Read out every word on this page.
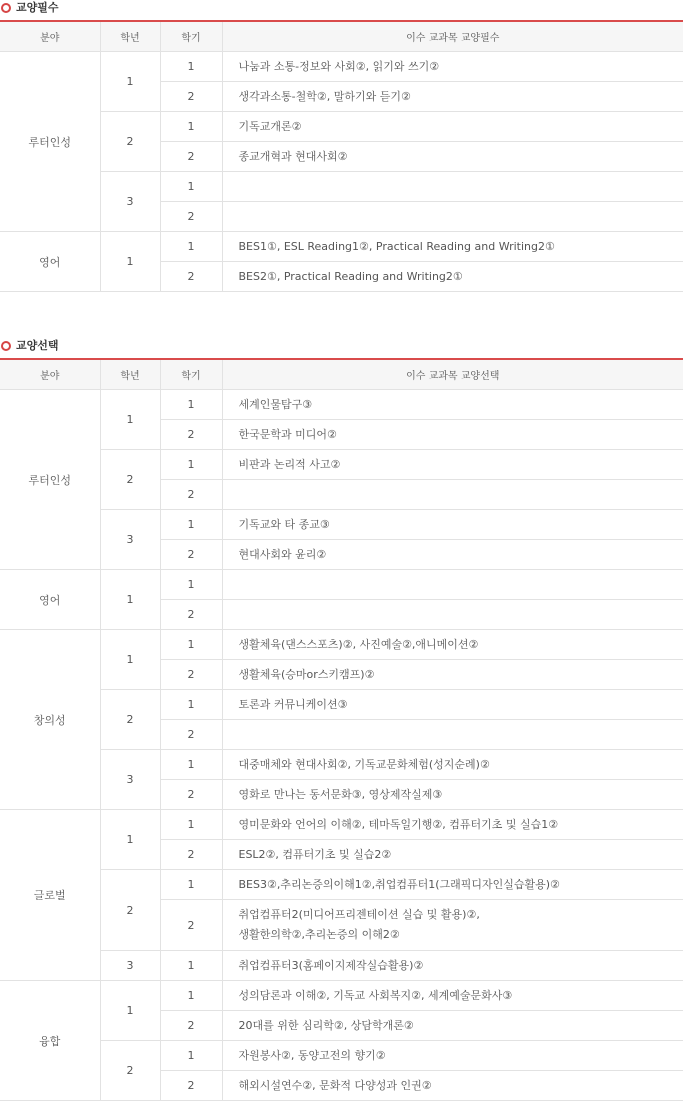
교양필수
분야	학년	학기	이수 교과목 교양필수
루터인성	1	1	나눔과 소통-정보와 사회②, 읽기와 쓰기②
		2	생각과소통-철학②, 말하기와 듣기②
	2	1	기독교개론②
		2	종교개혁과 현대사회②
	3	1	
		2	
영어	1	1	BES1①, ESL Reading1②, Practical Reading and Writing2①
		2	BES2①, Practical Reading and Writing2①
교양선택
분야	학년	학기	이수 교과목 교양선택
루터인성	1	1	세계인물탐구③
		2	한국문학과 미디어②
	2	1	비판과 논리적 사고②
		2	
	3	1	기독교와 타 종교③
		2	현대사회와 윤리②
영어	1	1	
		2	
창의성	1	1	생활체육(댄스스포츠)②, 사진예술②,애니메이션②
		2	생활체육(승마or스키캠프)②
	2	1	토론과 커뮤니케이션③
		2	
	3	1	대중매체와 현대사회②, 기독교문화체험(성지순례)②
		2	영화로 만나는 동서문화③, 영상제작실제③
글로벌	1	1	영미문화와 언어의 이해②, 테마독일기행②, 컴퓨터기초 및 실습1②
		2	ESL2②, 컴퓨터기초 및 실습2②
	2	1	BES3②,추리논증의이해1②,취업컴퓨터1(그래픽디자인실습활용)②
		2	취업컴퓨터2(미디어프리젠테이션 실습 및 활용)②,
생활한의학②,추리논증의 이해2②
	3	1	취업컴퓨터3(홈페이지제작실습활용)②
융합	1	1	성의담론과 이해②, 기독교 사회복지②, 세계예술문화사③
		2	20대를 위한 심리학②, 상담학개론②
	2	1	자원봉사②, 동양고전의 향기②
		2	해외시설연수②, 문화적 다양성과 인권②
